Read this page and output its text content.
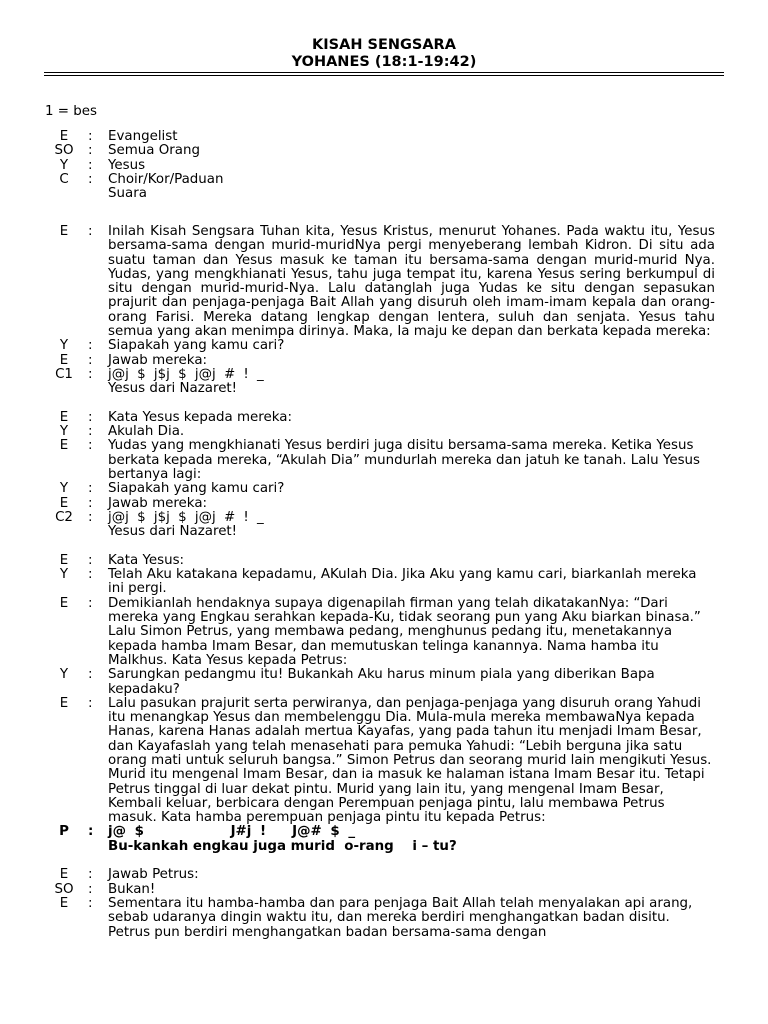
KISAH SENGSARA
YOHANES (18:1-19:42)
1 = bes
E	:	Evangelist
SO	:	Semua Orang
Y	:	Yesus
C	:	Choir/Kor/Paduan Suara
E	:	Inilah Kisah Sengsara Tuhan kita, Yesus Kristus, menurut Yohanes. Pada waktu itu, Yesus bersama-sama dengan murid-muridNya pergi menyeberang lembah Kidron. Di situ ada suatu taman dan Yesus masuk ke taman itu bersama-sama dengan murid-murid Nya. Yudas, yang mengkhianati Yesus, tahu juga tempat itu, karena Yesus sering berkumpul di situ dengan murid-murid-Nya. Lalu datanglah juga Yudas ke situ dengan sepasukan prajurit dan penjaga-penjaga Bait Allah yang disuruh oleh imam-imam kepala dan orang-orang Farisi. Mereka datang lengkap dengan lentera, suluh dan senjata. Yesus tahu semua yang akan menimpa dirinya. Maka, Ia maju ke depan dan berkata kepada mereka:
Y	:	Siapakah yang kamu cari?
E	:	Jawab mereka:
C1	:	j@j $ j$j $ j@j # ! _
Yesus dari Nazaret!
E	:	Kata Yesus kepada mereka:
Y	:	Akulah Dia.
E	:	Yudas yang mengkhianati Yesus berdiri juga disitu bersama-sama mereka. Ketika Yesus berkata kepada mereka, “Akulah Dia” mundurlah mereka dan jatuh ke tanah. Lalu Yesus bertanya lagi:
Y	:	Siapakah yang kamu cari?
E	:	Jawab mereka:
C2	:	j@j $ j$j $ j@j # ! _
Yesus dari Nazaret!
E	:	Kata Yesus:
Y	:	Telah Aku katakana kepadamu, AKulah Dia. Jika Aku yang kamu cari, biarkanlah mereka ini pergi.
E	:	Demikianlah hendaknya supaya digenapilah firman yang telah dikatakanNya: “Dari mereka yang Engkau serahkan kepada-Ku, tidak seorang pun yang Aku biarkan binasa.” Lalu Simon Petrus, yang membawa pedang, menghunus pedang itu, menetakannya kepada hamba Imam Besar, dan memutuskan telinga kanannya. Nama hamba itu Malkhus. Kata Yesus kepada Petrus:
Y	:	Sarungkan pedangmu itu! Bukankah Aku harus minum piala yang diberikan Bapa kepadaku?
E	:	Lalu pasukan prajurit serta perwiranya, dan penjaga-penjaga yang disuruh orang Yahudi itu menangkap Yesus dan membelenggu Dia. Mula-mula mereka membawaNya kepada Hanas, karena Hanas adalah mertua Kayafas, yang pada tahun itu menjadi Imam Besar, dan Kayafaslah yang telah menasehati para pemuka Yahudi: “Lebih berguna jika satu orang mati untuk seluruh bangsa.” Simon Petrus dan seorang murid lain mengikuti Yesus. Murid itu mengenal Imam Besar, dan ia masuk ke halaman istana Imam Besar itu. Tetapi Petrus tinggal di luar dekat pintu. Murid yang lain itu, yang mengenal Imam Besar, Kembali keluar, berbicara dengan Perempuan penjaga pintu, lalu membawa Petrus masuk. Kata hamba perempuan penjaga pintu itu kepada Petrus:
P	:	j@ $          J#j !   J@# $ _
Bu-kankah engkau juga murid  o-rang    i – tu?
E	:	Jawab Petrus:
SO	:	Bukan!
E	:	Sementara itu hamba-hamba dan para penjaga Bait Allah telah menyalakan api arang, sebab udaranya dingin waktu itu, dan mereka berdiri menghangatkan badan disitu. Petrus pun berdiri menghangatkan badan bersama-sama dengan
